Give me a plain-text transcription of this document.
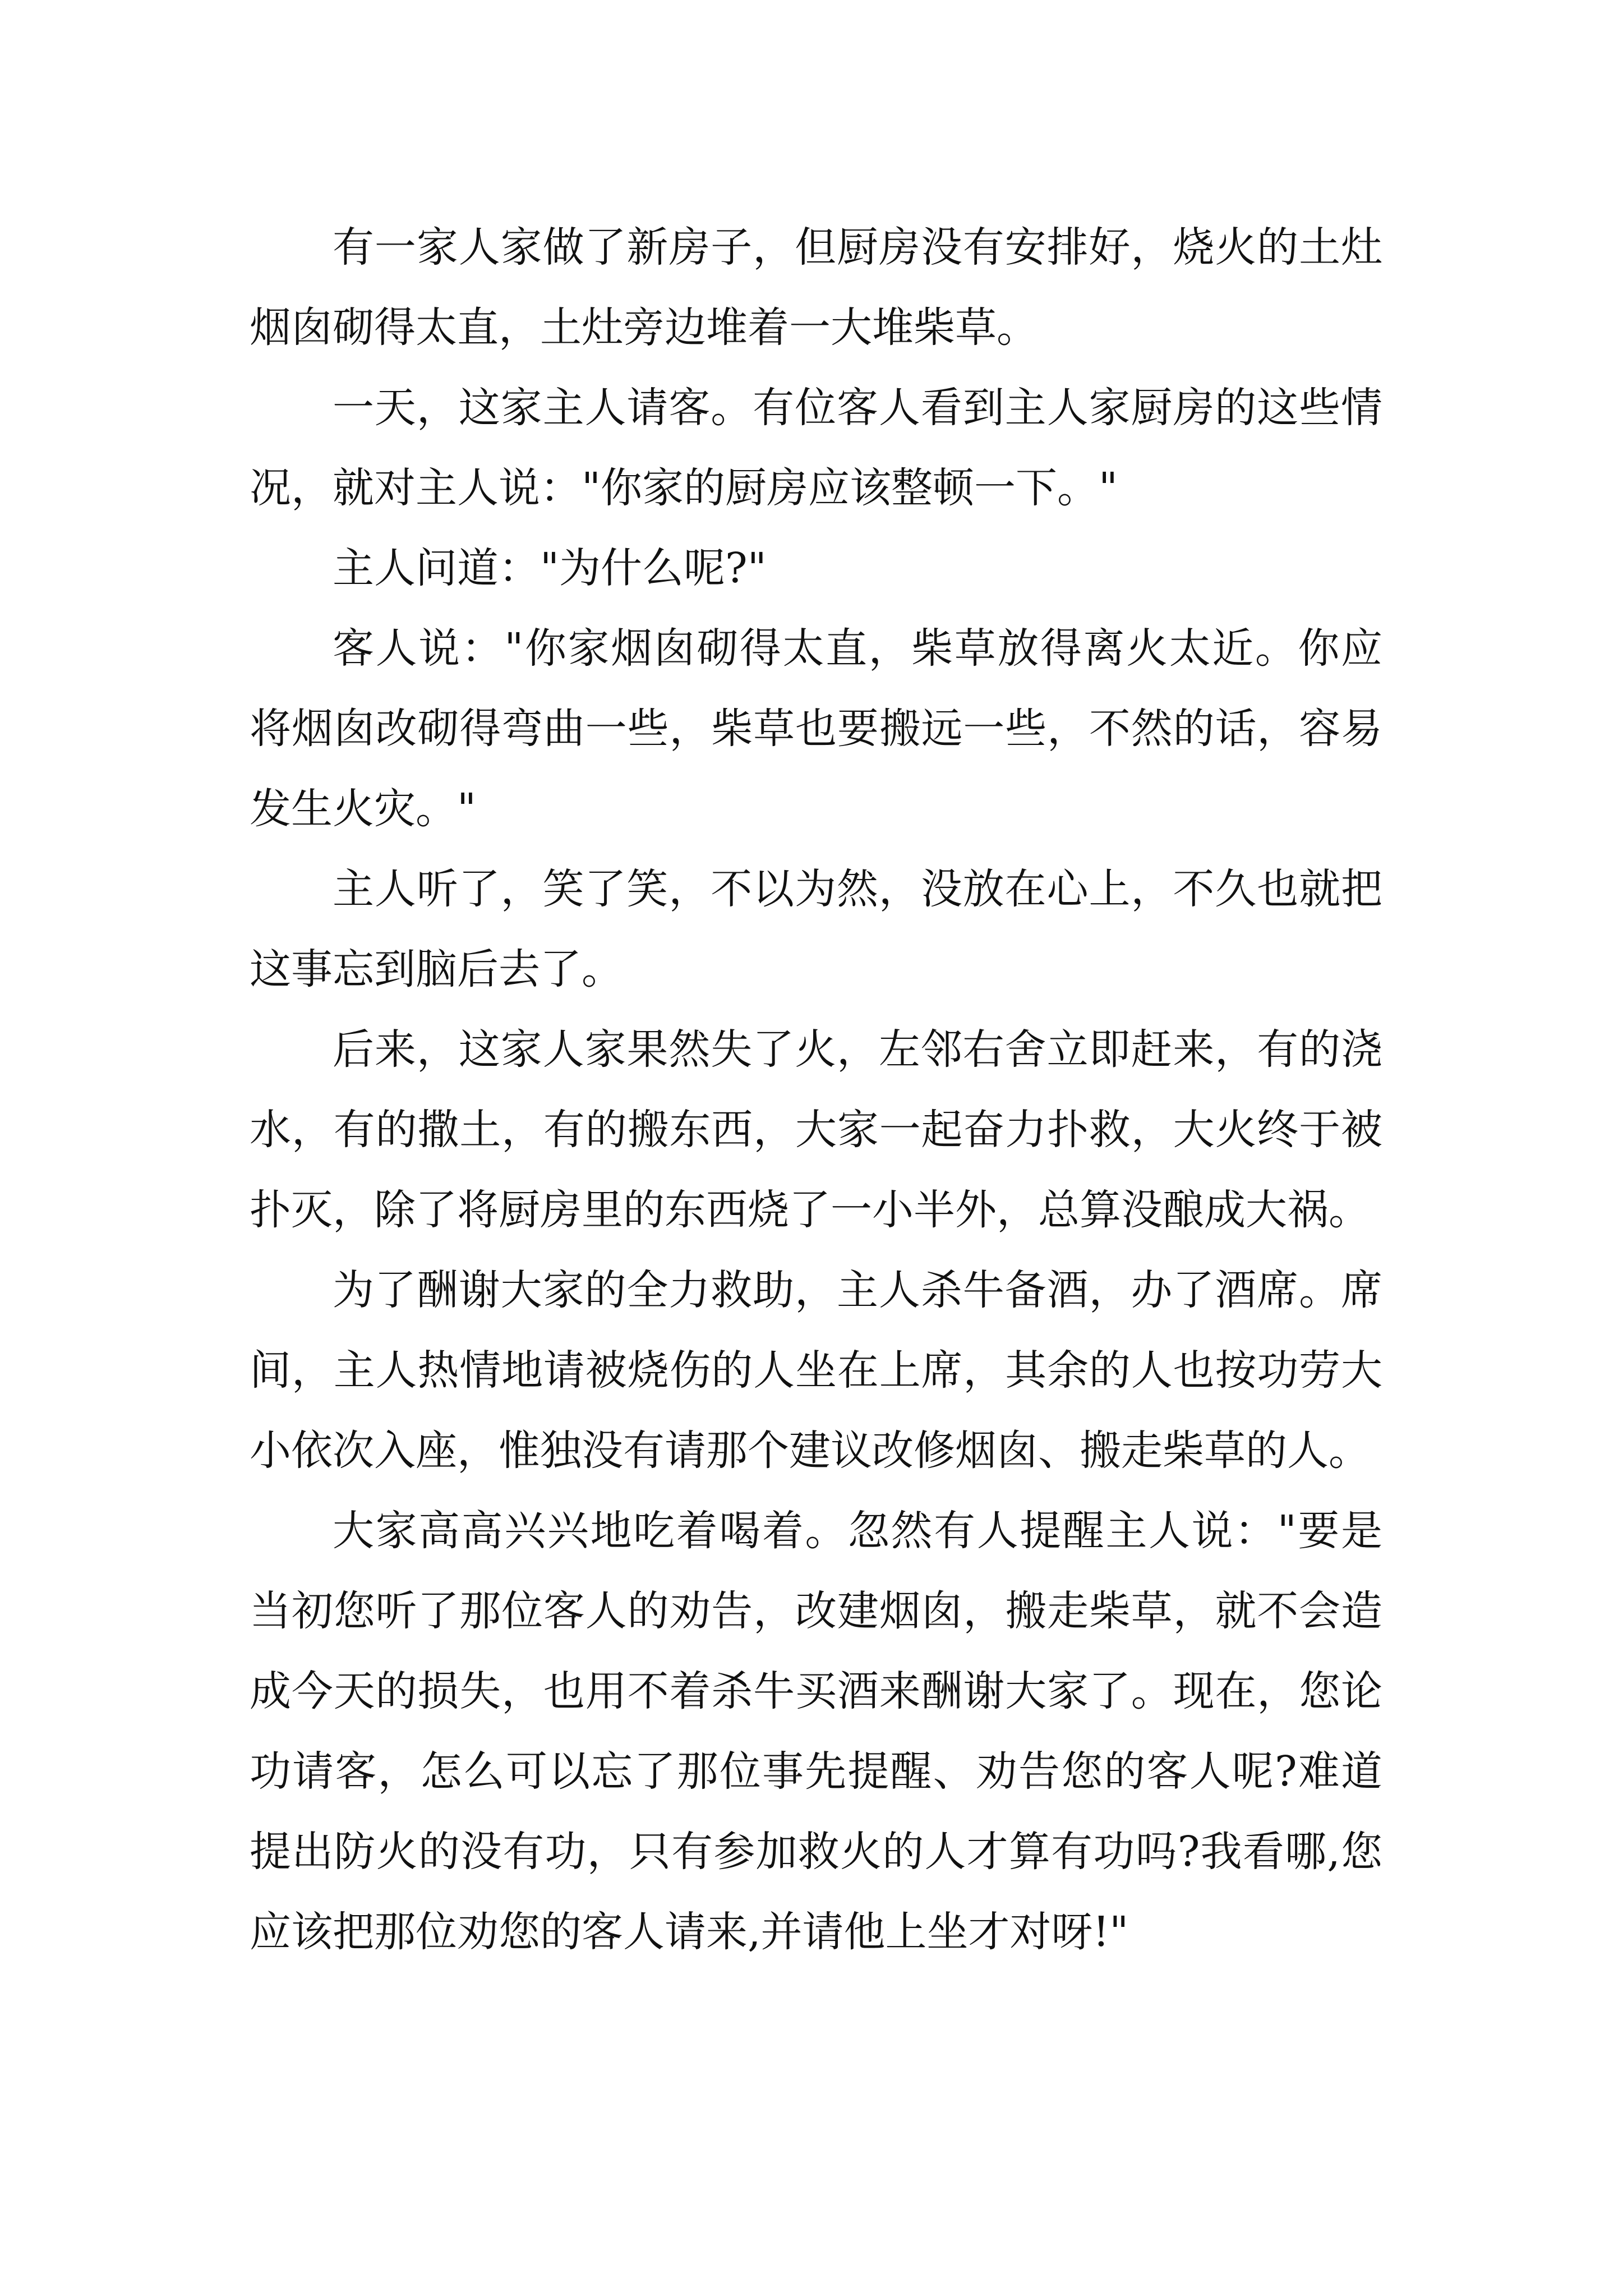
有一家人家做了新房子，但厨房没有安排好，烧火的土灶烟囱砌得太直，土灶旁边堆着一大堆柴草。

一天，这家主人请客。有位客人看到主人家厨房的这些情况，就对主人说："你家的厨房应该整顿一下。"

主人问道："为什么呢?"

客人说："你家烟囱砌得太直，柴草放得离火太近。你应将烟囱改砌得弯曲一些，柴草也要搬远一些，不然的话，容易发生火灾。"

主人听了，笑了笑，不以为然，没放在心上，不久也就把这事忘到脑后去了。

后来，这家人家果然失了火，左邻右舍立即赶来，有的浇水，有的撒土，有的搬东西，大家一起奋力扑救，大火终于被扑灭，除了将厨房里的东西烧了一小半外，总算没酿成大祸。

为了酬谢大家的全力救助，主人杀牛备酒，办了酒席。席间，主人热情地请被烧伤的人坐在上席，其余的人也按功劳大小依次入座，惟独没有请那个建议改修烟囱、搬走柴草的人。

大家高高兴兴地吃着喝着。忽然有人提醒主人说："要是当初您听了那位客人的劝告，改建烟囱，搬走柴草，就不会造成今天的损失，也用不着杀牛买酒来酬谢大家了。现在，您论 功请客，怎么可以忘了那位事先提醒、劝告您的客人呢?难道提出防火的没有功，只有参加救火的人才算有功吗?我看哪,您应该把那位劝您的客人请来,并请他上坐才对呀!"
